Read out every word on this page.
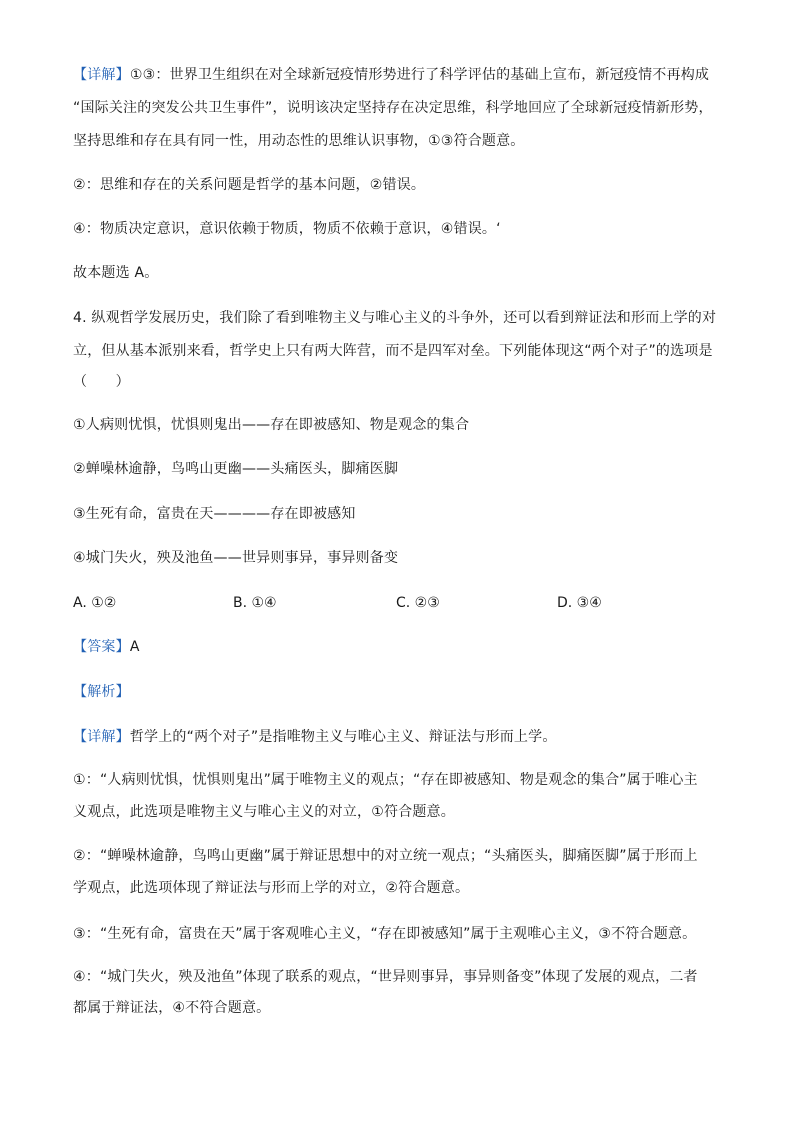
【详解】①③：世界卫生组织在对全球新冠疫情形势进行了科学评估的基础上宣布，新冠疫情不再构成
“国际关注的突发公共卫生事件”，说明该决定坚持存在决定思维，科学地回应了全球新冠疫情新形势，
坚持思维和存在具有同一性，用动态性的思维认识事物，①③符合题意。
②：思维和存在的关系问题是哲学的基本问题，②错误。
④：物质决定意识，意识依赖于物质，物质不依赖于意识，④错误。‘
故本题选 A。
4. 纵观哲学发展历史，我们除了看到唯物主义与唯心主义的斗争外，还可以看到辩证法和形而上学的对
立，但从基本派别来看，哲学史上只有两大阵营，而不是四军对垒。下列能体现这“两个对子”的选项是
（　　）
①人病则忧惧，忧惧则鬼出——存在即被感知、物是观念的集合
②蝉噪林逾静，鸟鸣山更幽——头痛医头，脚痛医脚
③生死有命，富贵在天————存在即被感知
④城门失火，殃及池鱼——世异则事异，事异则备变
A. ①②	B. ①④	C. ②③	D. ③④
【答案】A
【解析】
【详解】哲学上的“两个对子”是指唯物主义与唯心主义、辩证法与形而上学。
①：“人病则忧惧，忧惧则鬼出”属于唯物主义的观点；“存在即被感知、物是观念的集合”属于唯心主
义观点，此选项是唯物主义与唯心主义的对立，①符合题意。
②：“蝉噪林逾静，鸟鸣山更幽”属于辩证思想中的对立统一观点；“头痛医头，脚痛医脚”属于形而上
学观点，此选项体现了辩证法与形而上学的对立，②符合题意。
③：“生死有命，富贵在天”属于客观唯心主义，“存在即被感知”属于主观唯心主义，③不符合题意。
④：“城门失火，殃及池鱼”体现了联系的观点，“世异则事异，事异则备变”体现了发展的观点，二者
都属于辩证法，④不符合题意。
